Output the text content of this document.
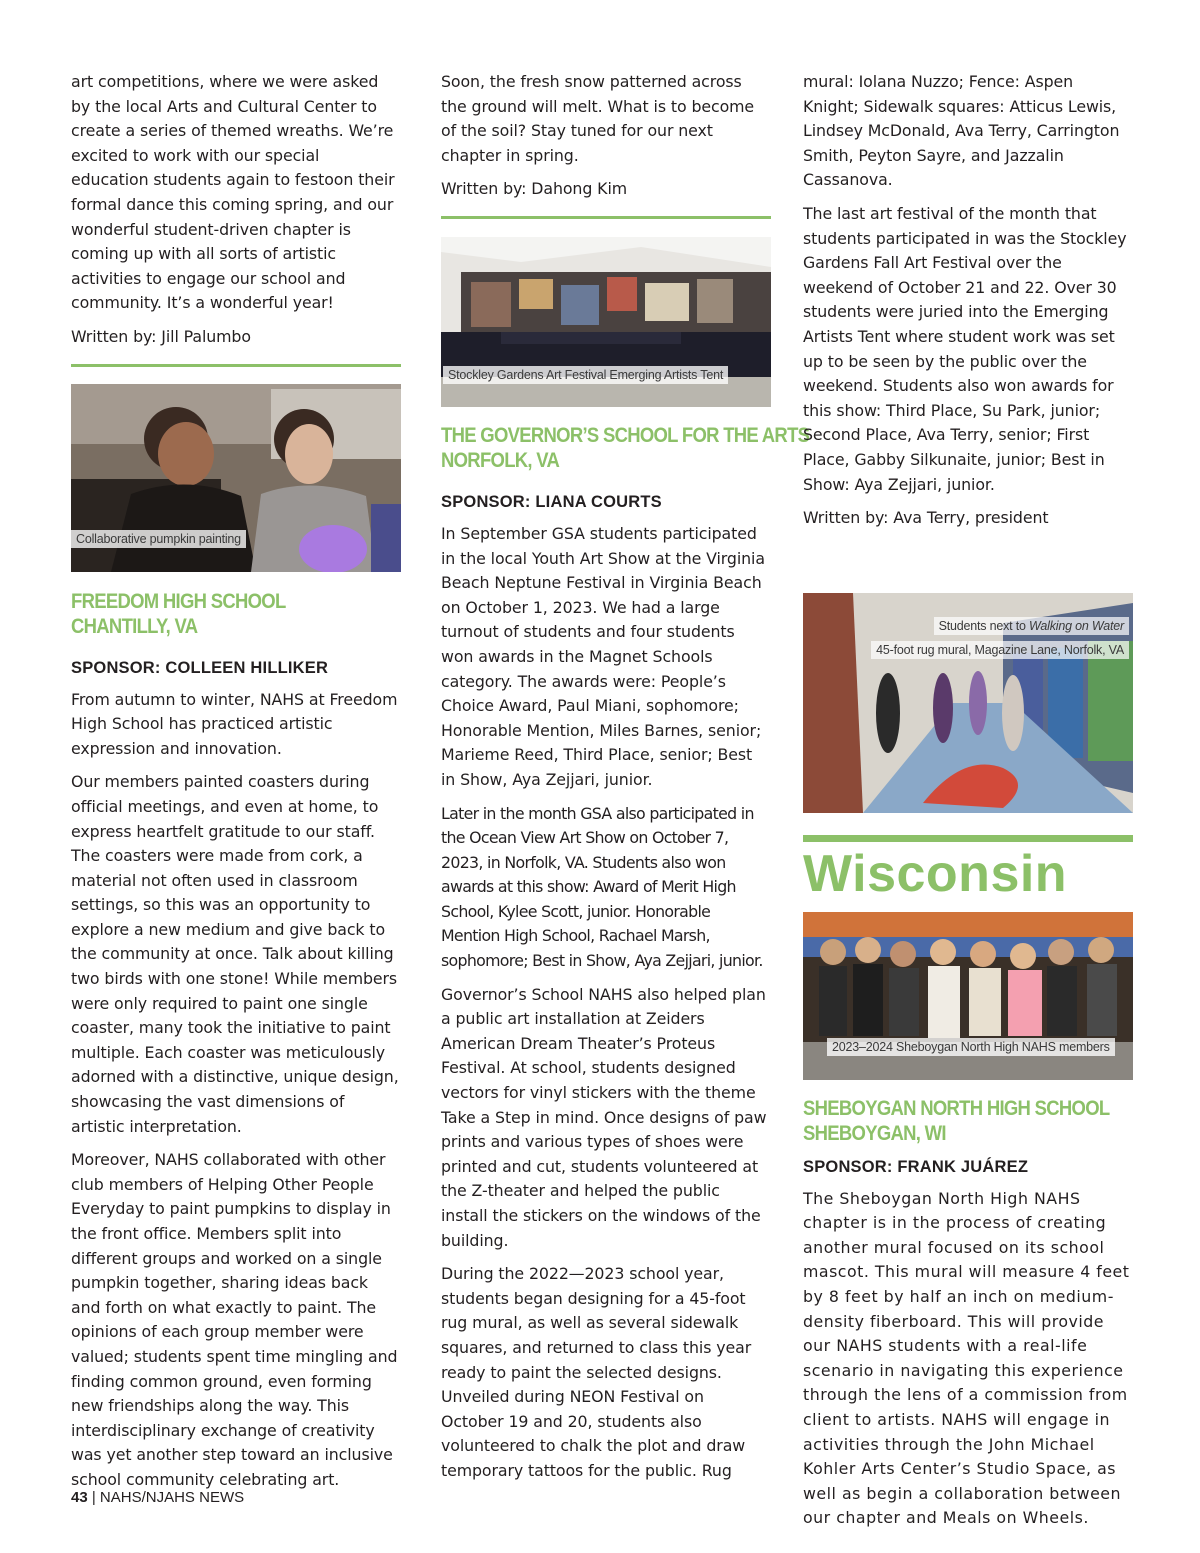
art competitions, where we were asked by the local Arts and Cultural Center to create a series of themed wreaths. We’re excited to work with our special education students again to festoon their formal dance this coming spring, and our wonderful student-driven chapter is coming up with all sorts of artistic activities to engage our school and community. It’s a wonderful year!

Written by: Jill Palumbo

Collaborative pumpkin painting
FREEDOM HIGH SCHOOL
CHANTILLY, VA
SPONSOR: COLLEEN HILLIKER

From autumn to winter, NAHS at Freedom High School has practiced artistic expression and innovation.

Our members painted coasters during official meetings, and even at home, to express heartfelt gratitude to our staff. The coasters were made from cork, a material not often used in classroom settings, so this was an opportunity to explore a new medium and give back to the community at once. Talk about killing two birds with one stone! While members were only required to paint one single coaster, many took the initiative to paint multiple. Each coaster was meticulously adorned with a distinctive, unique design, showcasing the vast dimensions of artistic interpretation.

Moreover, NAHS collaborated with other club members of Helping Other People Everyday to paint pumpkins to display in the front office. Members split into different groups and worked on a single pumpkin together, sharing ideas back and forth on what exactly to paint. The opinions of each group member were valued; students spent time mingling and finding common ground, even forming new friendships along the way. This interdisciplinary exchange of creativity was yet another step toward an inclusive school community celebrating art.

Soon, the fresh snow patterned across the ground will melt. What is to become of the soil? Stay tuned for our next chapter in spring.

Written by: Dahong Kim

Stockley Gardens Art Festival Emerging Artists Tent
THE GOVERNOR’S SCHOOL FOR THE ARTS
NORFOLK, VA
SPONSOR: LIANA COURTS

In September GSA students participated in the local Youth Art Show at the Virginia Beach Neptune Festival in Virginia Beach on October 1, 2023. We had a large turnout of students and four students won awards in the Magnet Schools category. The awards were: People’s Choice Award, Paul Miani, sophomore; Honorable Mention, Miles Barnes, senior; Marieme Reed, Third Place, senior; Best in Show, Aya Zejjari, junior.

Later in the month GSA also participated in the Ocean View Art Show on October 7, 2023, in Norfolk, VA. Students also won awards at this show: Award of Merit High School, Kylee Scott, junior. Honorable Mention High School, Rachael Marsh, sophomore; Best in Show, Aya Zejjari, junior.

Governor’s School NAHS also helped plan a public art installation at Zeiders American Dream Theater’s Proteus Festival. At school, students designed vectors for vinyl stickers with the theme Take a Step in mind. Once designs of paw prints and various types of shoes were printed and cut, students volunteered at the Z-theater and helped the public install the stickers on the windows of the building.

During the 2022—2023 school year, students began designing for a 45-foot rug mural, as well as several sidewalk squares, and returned to class this year ready to paint the selected designs. Unveiled during NEON Festival on October 19 and 20, students also volunteered to chalk the plot and draw temporary tattoos for the public. Rug

mural: Iolana Nuzzo; Fence: Aspen Knight; Sidewalk squares: Atticus Lewis, Lindsey McDonald, Ava Terry, Carrington Smith, Peyton Sayre, and Jazzalin Cassanova.

The last art festival of the month that students participated in was the Stockley Gardens Fall Art Festival over the weekend of October 21 and 22. Over 30 students were juried into the Emerging Artists Tent where student work was set up to be seen by the public over the weekend. Students also won awards for this show: Third Place, Su Park, junior; Second Place, Ava Terry, senior; First Place, Gabby Silkunaite, junior; Best in Show: Aya Zejjari, junior.

Written by: Ava Terry, president

Students next to Walking on Water
45-foot rug mural, Magazine Lane, Norfolk, VA
Wisconsin
2023–2024 Sheboygan North High NAHS members
SHEBOYGAN NORTH HIGH SCHOOL
SHEBOYGAN, WI
SPONSOR: FRANK JUÁREZ

The Sheboygan North High NAHS chapter is in the process of creating another mural focused on its school mascot. This mural will measure 4 feet by 8 feet by half an inch on medium-density fiberboard. This will provide our NAHS students with a real-life scenario in navigating this experience through the lens of a commission from client to artists. NAHS will engage in activities through the John Michael Kohler Arts Center’s Studio Space, as well as begin a collaboration between our chapter and Meals on Wheels.

43 | NAHS/NJAHS NEWS
